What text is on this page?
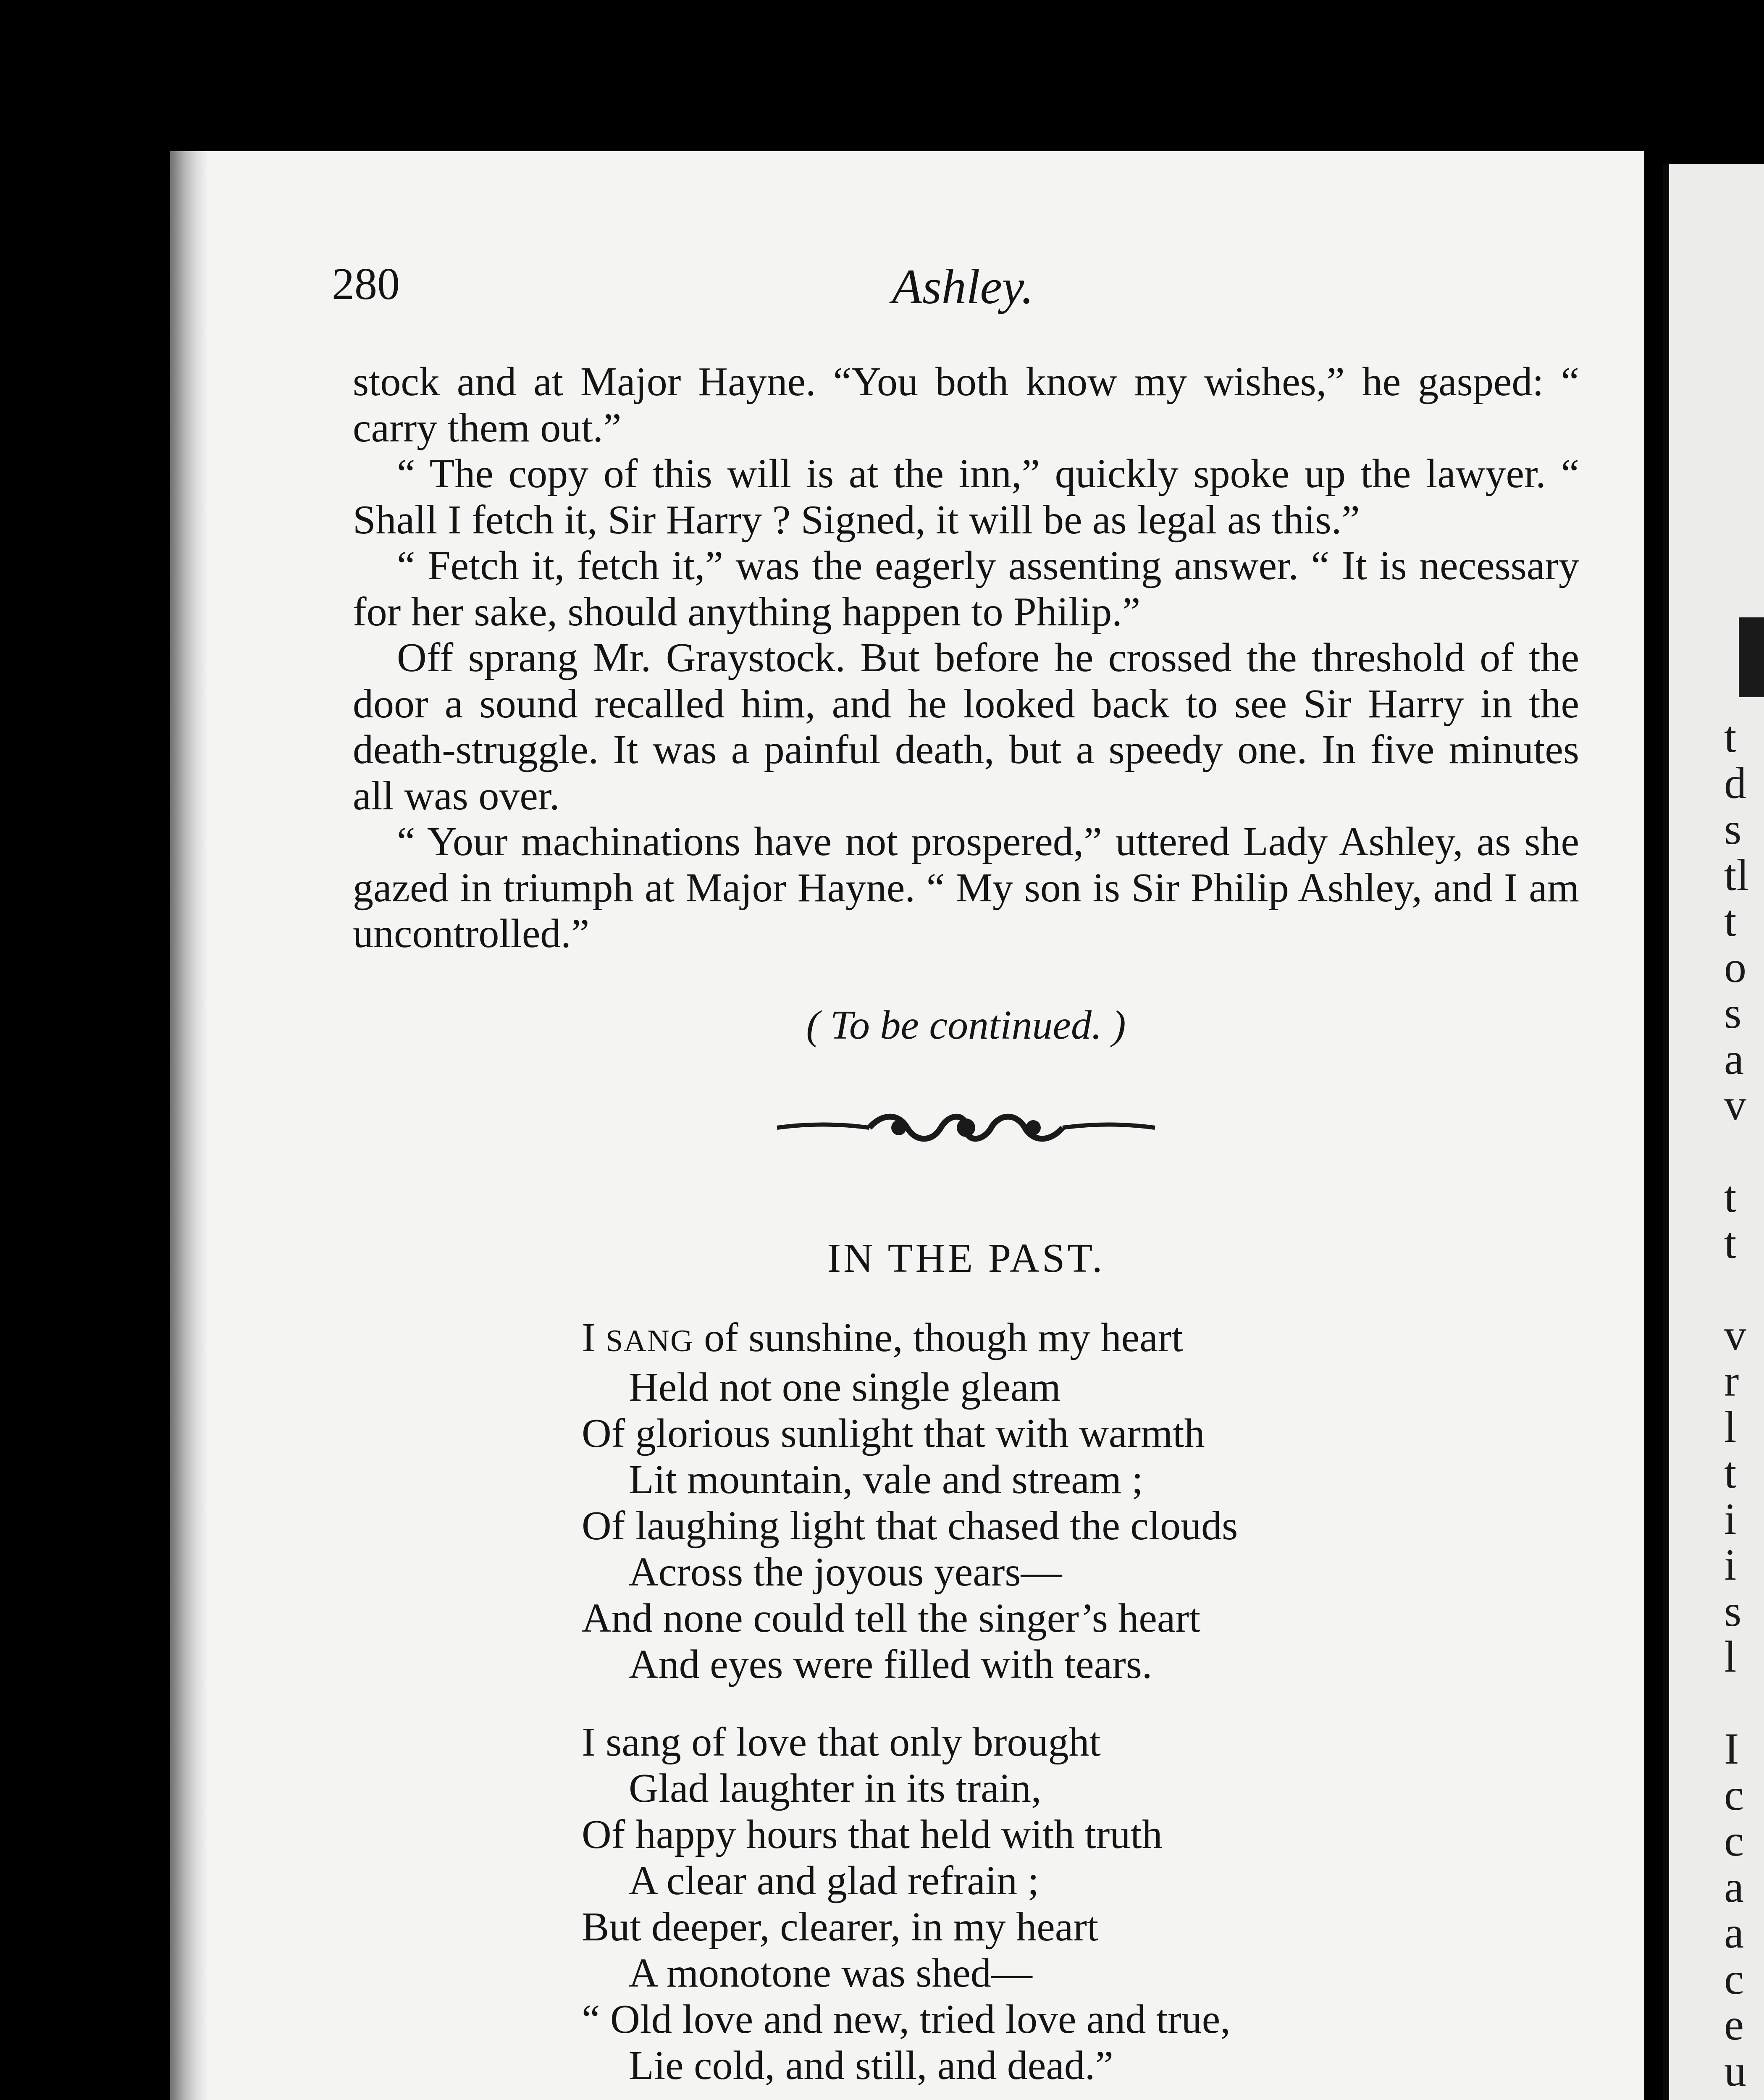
t
d
s
tl
t
o
s
a
v

t
t

v
r
l
t
i
i
s
l

I
c
c
a
a
c
e
u

280	Ashley.

stock and at Major Hayne. “You both know my wishes,” he gasped: “ carry them out.”

“ The copy of this will is at the inn,” quickly spoke up the lawyer. “ Shall I fetch it, Sir Harry ? Signed, it will be as legal as this.”

“ Fetch it, fetch it,” was the eagerly assenting answer. “ It is necessary for her sake, should anything happen to Philip.”

Off sprang Mr. Graystock. But before he crossed the threshold of the door a sound recalled him, and he looked back to see Sir Harry in the death-struggle. It was a painful death, but a speedy one. In five minutes all was over.

“ Your machinations have not prospered,” uttered Lady Ashley, as she gazed in triumph at Major Hayne. “ My son is Sir Philip Ashley, and I am uncontrolled.”

( To be continued. )
IN THE PAST.
I SANG of sunshine, though my heart
Held not one single gleam
Of glorious sunlight that with warmth
Lit mountain, vale and stream ;
Of laughing light that chased the clouds
Across the joyous years—
And none could tell the singer’s heart
And eyes were filled with tears.
I sang of love that only brought
Glad laughter in its train,
Of happy hours that held with truth
A clear and glad refrain ;
But deeper, clearer, in my heart
A monotone was shed—
“ Old love and new, tried love and true,
Lie cold, and still, and dead.”
